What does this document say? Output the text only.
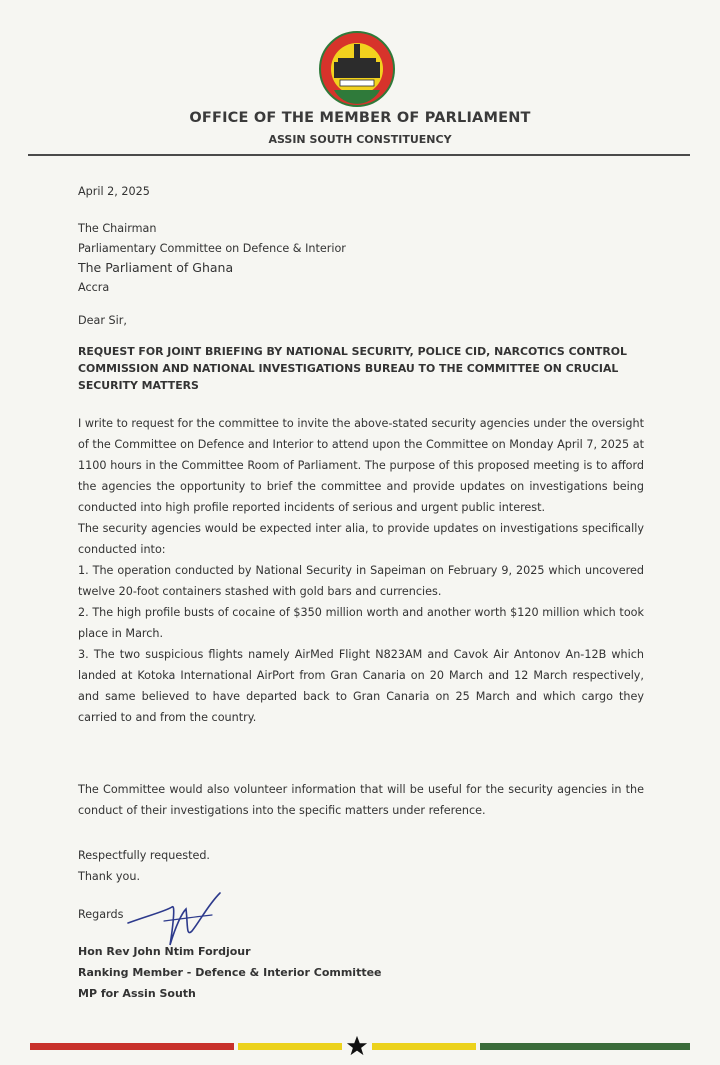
OFFICE OF THE MEMBER OF PARLIAMENT
ASSIN SOUTH CONSTITUENCY
April 2, 2025
The Chairman
Parliamentary Committee on Defence & Interior
The Parliament of Ghana
Accra
Dear Sir,
REQUEST FOR JOINT BRIEFING BY NATIONAL SECURITY, POLICE CID, NARCOTICS CONTROL COMMISSION AND NATIONAL INVESTIGATIONS BUREAU TO THE COMMITTEE ON CRUCIAL SECURITY MATTERS

I write to request for the committee to invite the above-stated security agencies under the oversight of the Committee on Defence and Interior to attend upon the Committee on Monday April 7, 2025 at 1100 hours in the Committee Room of Parliament. The purpose of this proposed meeting is to afford the agencies the opportunity to brief the committee and provide updates on investigations being conducted into high profile reported incidents of serious and urgent public interest.

The security agencies would be expected inter alia, to provide updates on investigations specifically conducted into:

1. The operation conducted by National Security in Sapeiman on February 9, 2025 which uncovered twelve 20-foot containers stashed with gold bars and currencies.

2. The high profile busts of cocaine of $350 million worth and another worth $120 million which took place in March.

3. The two suspicious flights namely AirMed Flight N823AM and Cavok Air Antonov An-12B which landed at Kotoka International AirPort from Gran Canaria on 20 March and 12 March respectively, and same believed to have departed back to Gran Canaria on 25 March and which cargo they carried to and from the country.

The Committee would also volunteer information that will be useful for the security agencies in the conduct of their investigations into the specific matters under reference.
Respectfully requested.
Thank you.
Regards
Hon Rev John Ntim Fordjour
Ranking Member - Defence & Interior Committee
MP for Assin South
